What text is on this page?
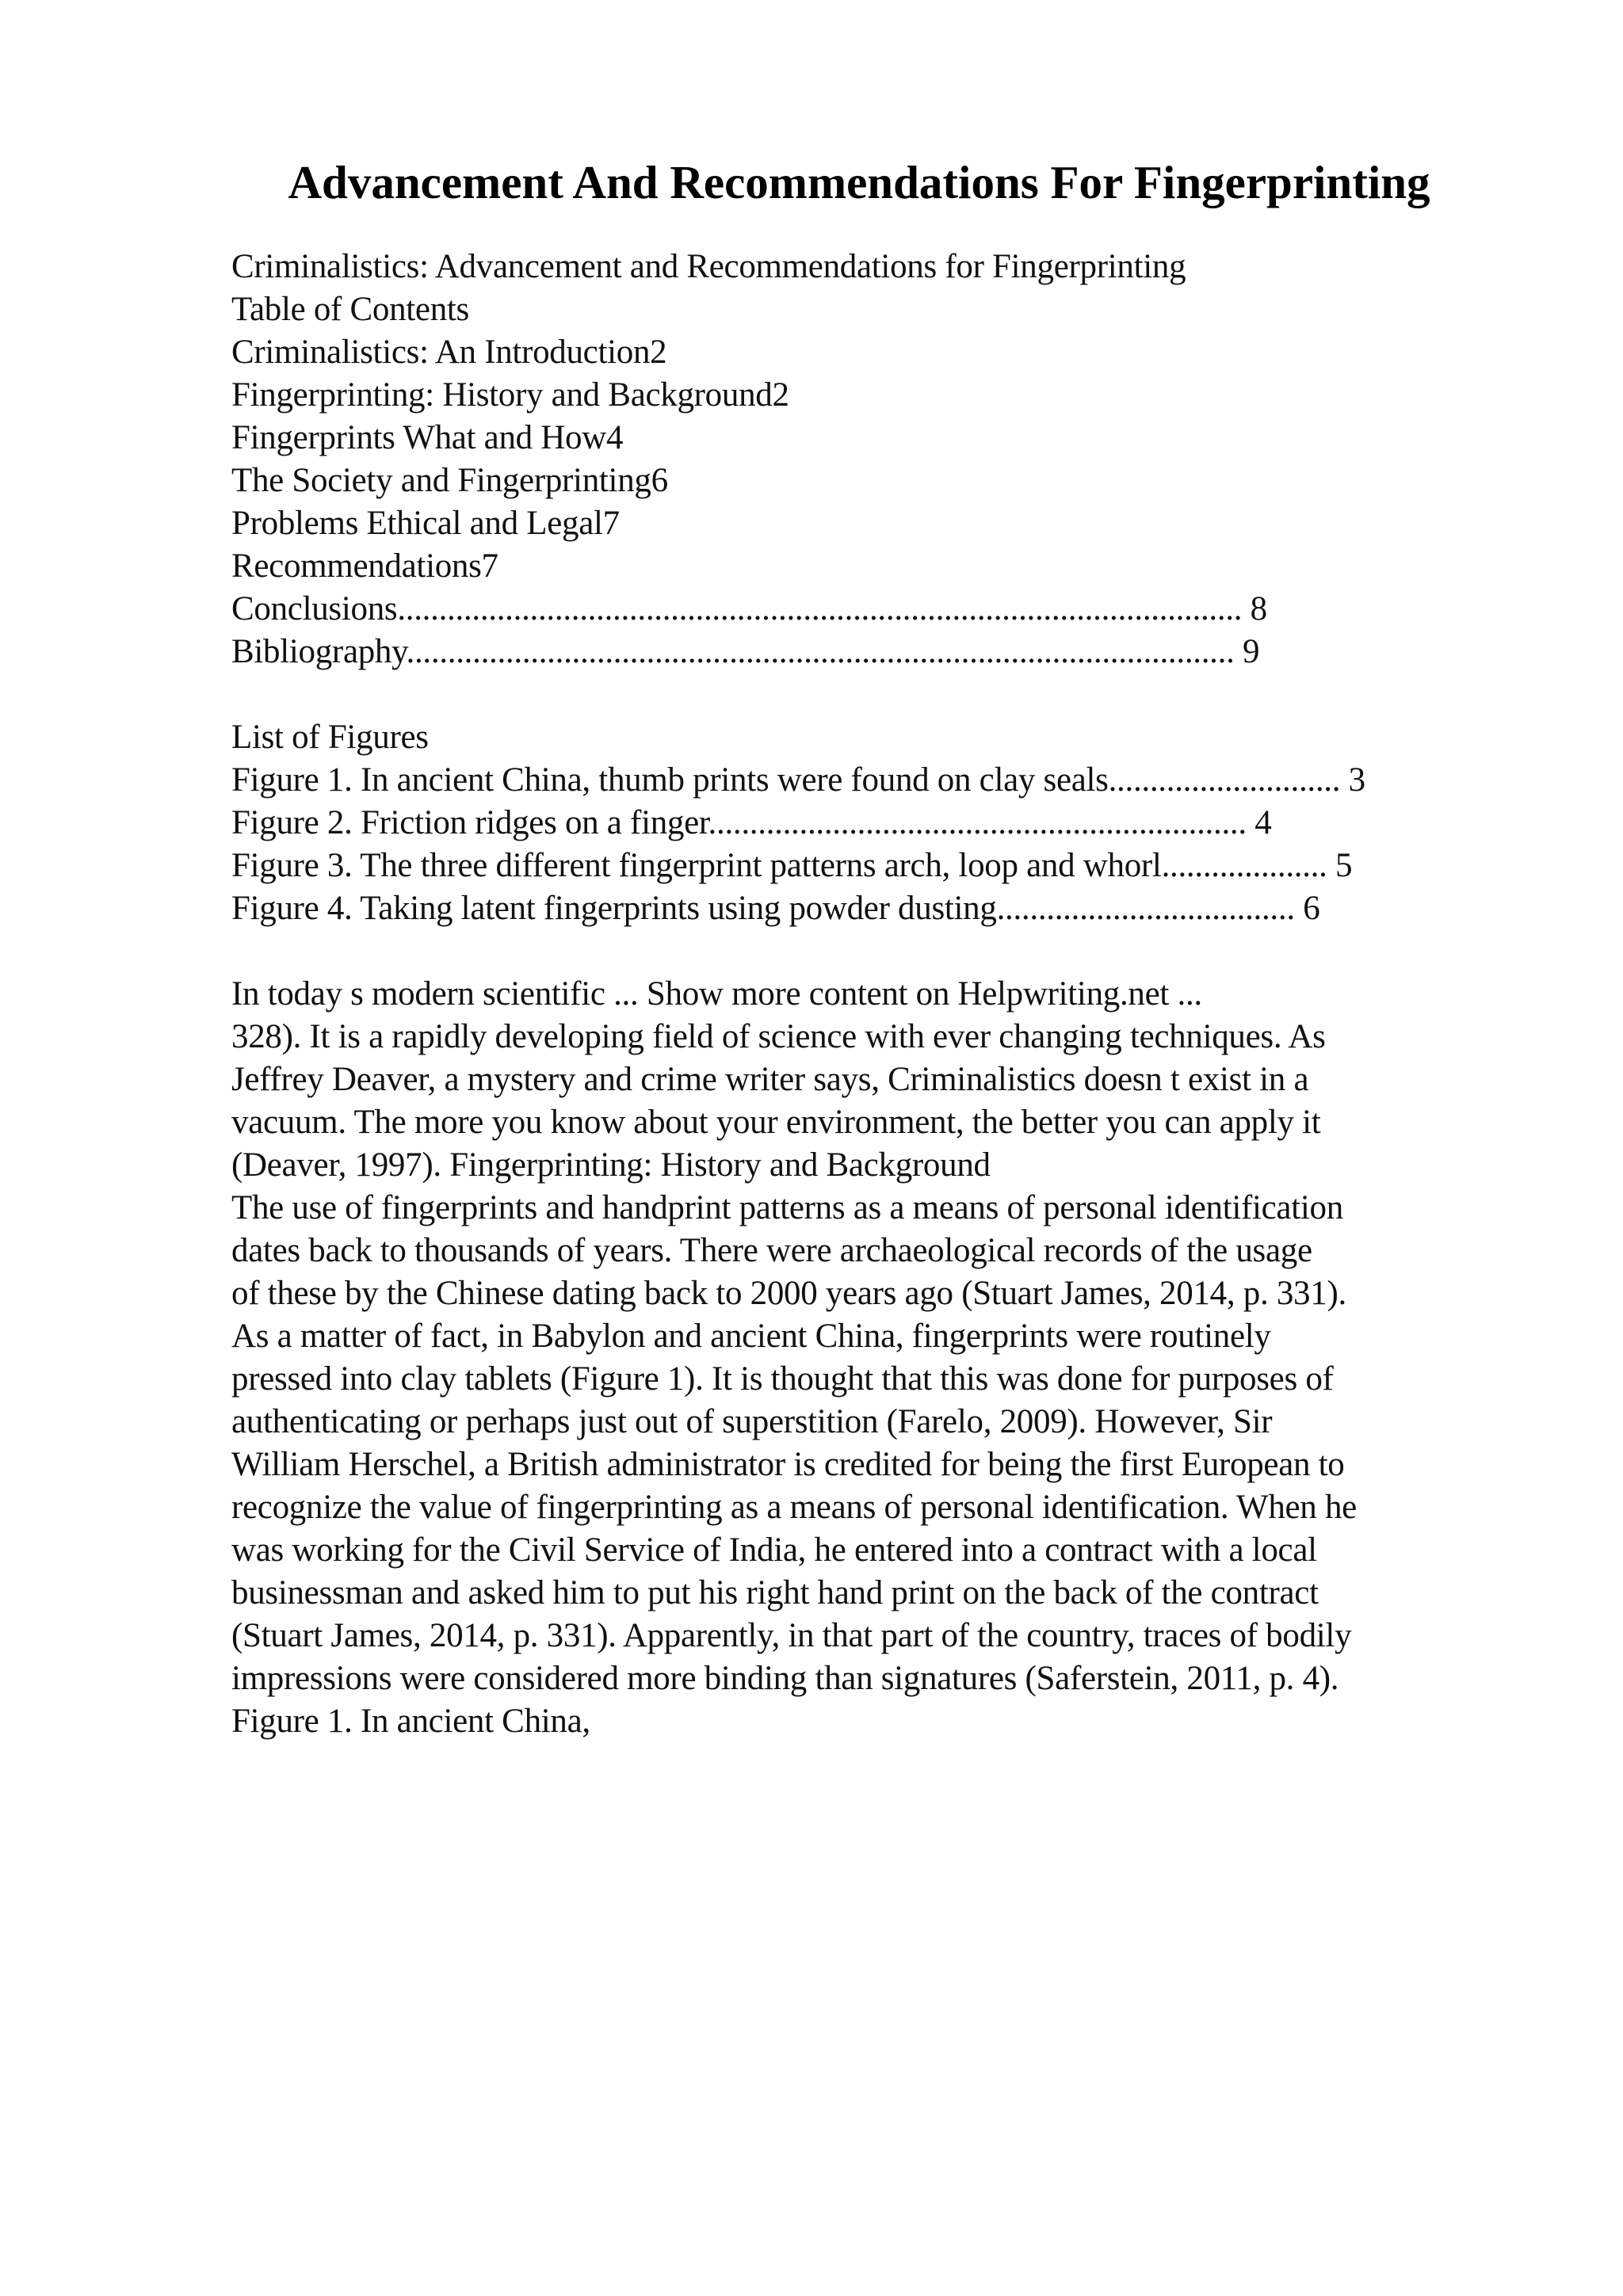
Advancement And Recommendations For Fingerprinting
Criminalistics: Advancement and Recommendations for Fingerprinting
Table of Contents
Criminalistics: An Introduction2
Fingerprinting: History and Background2
Fingerprints What and How4
The Society and Fingerprinting6
Problems Ethical and Legal7
Recommendations7
Conclusions...................................................................................................... 8
Bibliography.................................................................................................... 9
List of Figures
Figure 1. In ancient China, thumb prints were found on clay seals............................ 3
Figure 2. Friction ridges on a finger................................................................. 4
Figure 3. The three different fingerprint patterns arch, loop and whorl.................... 5
Figure 4. Taking latent fingerprints using powder dusting.................................... 6
In today s modern scientific ... Show more content on Helpwriting.net ...
328). It is a rapidly developing field of science with ever changing techniques. As
Jeffrey Deaver, a mystery and crime writer says, Criminalistics doesn t exist in a
vacuum. The more you know about your environment, the better you can apply it
(Deaver, 1997). Fingerprinting: History and Background
The use of fingerprints and handprint patterns as a means of personal identification
dates back to thousands of years. There were archaeological records of the usage
of these by the Chinese dating back to 2000 years ago (Stuart James, 2014, p. 331).
As a matter of fact, in Babylon and ancient China, fingerprints were routinely
pressed into clay tablets (Figure 1). It is thought that this was done for purposes of
authenticating or perhaps just out of superstition (Farelo, 2009). However, Sir
William Herschel, a British administrator is credited for being the first European to
recognize the value of fingerprinting as a means of personal identification. When he
was working for the Civil Service of India, he entered into a contract with a local
businessman and asked him to put his right hand print on the back of the contract
(Stuart James, 2014, p. 331). Apparently, in that part of the country, traces of bodily
impressions were considered more binding than signatures (Saferstein, 2011, p. 4).
Figure 1. In ancient China,
